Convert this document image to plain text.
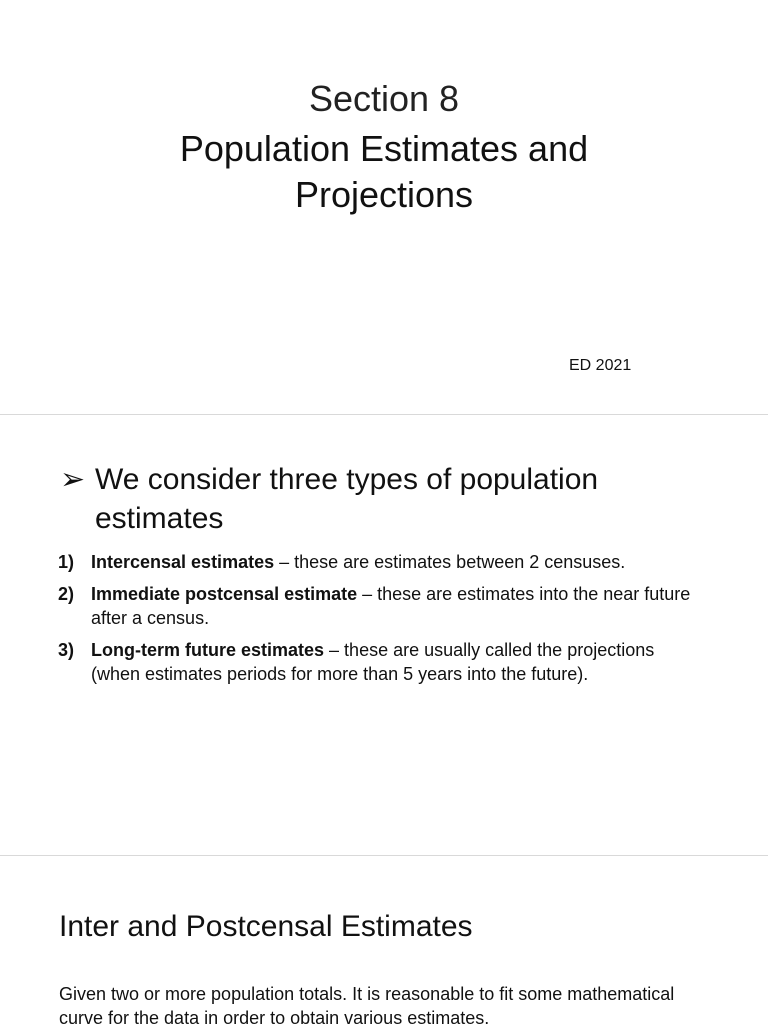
Section 8
Population Estimates and Projections
ED 2021
➢ We consider three types of population estimates
1) Intercensal estimates – these are estimates between 2 censuses.
2) Immediate postcensal estimate – these are estimates into the near future after a census.
3) Long-term future estimates – these are usually called the projections (when estimates periods for more than 5 years into the future).
Inter and Postcensal Estimates
Given two or more population totals. It is reasonable to fit some mathematical curve for the data in order to obtain various estimates.
